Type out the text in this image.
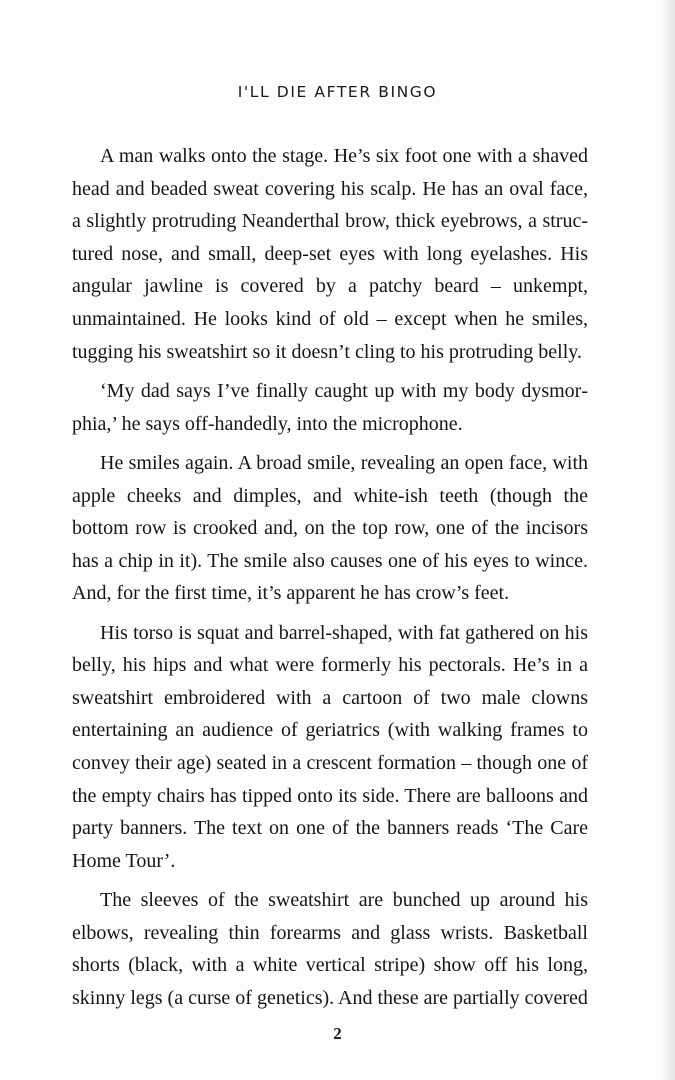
I'LL DIE AFTER BINGO

A man walks onto the stage. He’s six foot one with a shaved head and beaded sweat covering his scalp. He has an oval face, a slightly protruding Neanderthal brow, thick eyebrows, a structured nose, and small, deep-set eyes with long eyelashes. His angular jawline is covered by a patchy beard – unkempt, unmaintained. He looks kind of old – except when he smiles, tugging his sweatshirt so it doesn’t cling to his protruding belly.

‘My dad says I’ve finally caught up with my body dysmorphia,’ he says off-handedly, into the microphone.

He smiles again. A broad smile, revealing an open face, with apple cheeks and dimples, and white-ish teeth (though the bottom row is crooked and, on the top row, one of the incisors has a chip in it). The smile also causes one of his eyes to wince. And, for the first time, it’s apparent he has crow’s feet.

His torso is squat and barrel-shaped, with fat gathered on his belly, his hips and what were formerly his pectorals. He’s in a sweatshirt embroidered with a cartoon of two male clowns entertaining an audience of geriatrics (with walking frames to convey their age) seated in a crescent formation – though one of the empty chairs has tipped onto its side. There are balloons and party banners. The text on one of the banners reads ‘The Care Home Tour’.

The sleeves of the sweatshirt are bunched up around his elbows, revealing thin forearms and glass wrists. Basketball shorts (black, with a white vertical stripe) show off his long, skinny legs (a curse of genetics). And these are partially covered

2
